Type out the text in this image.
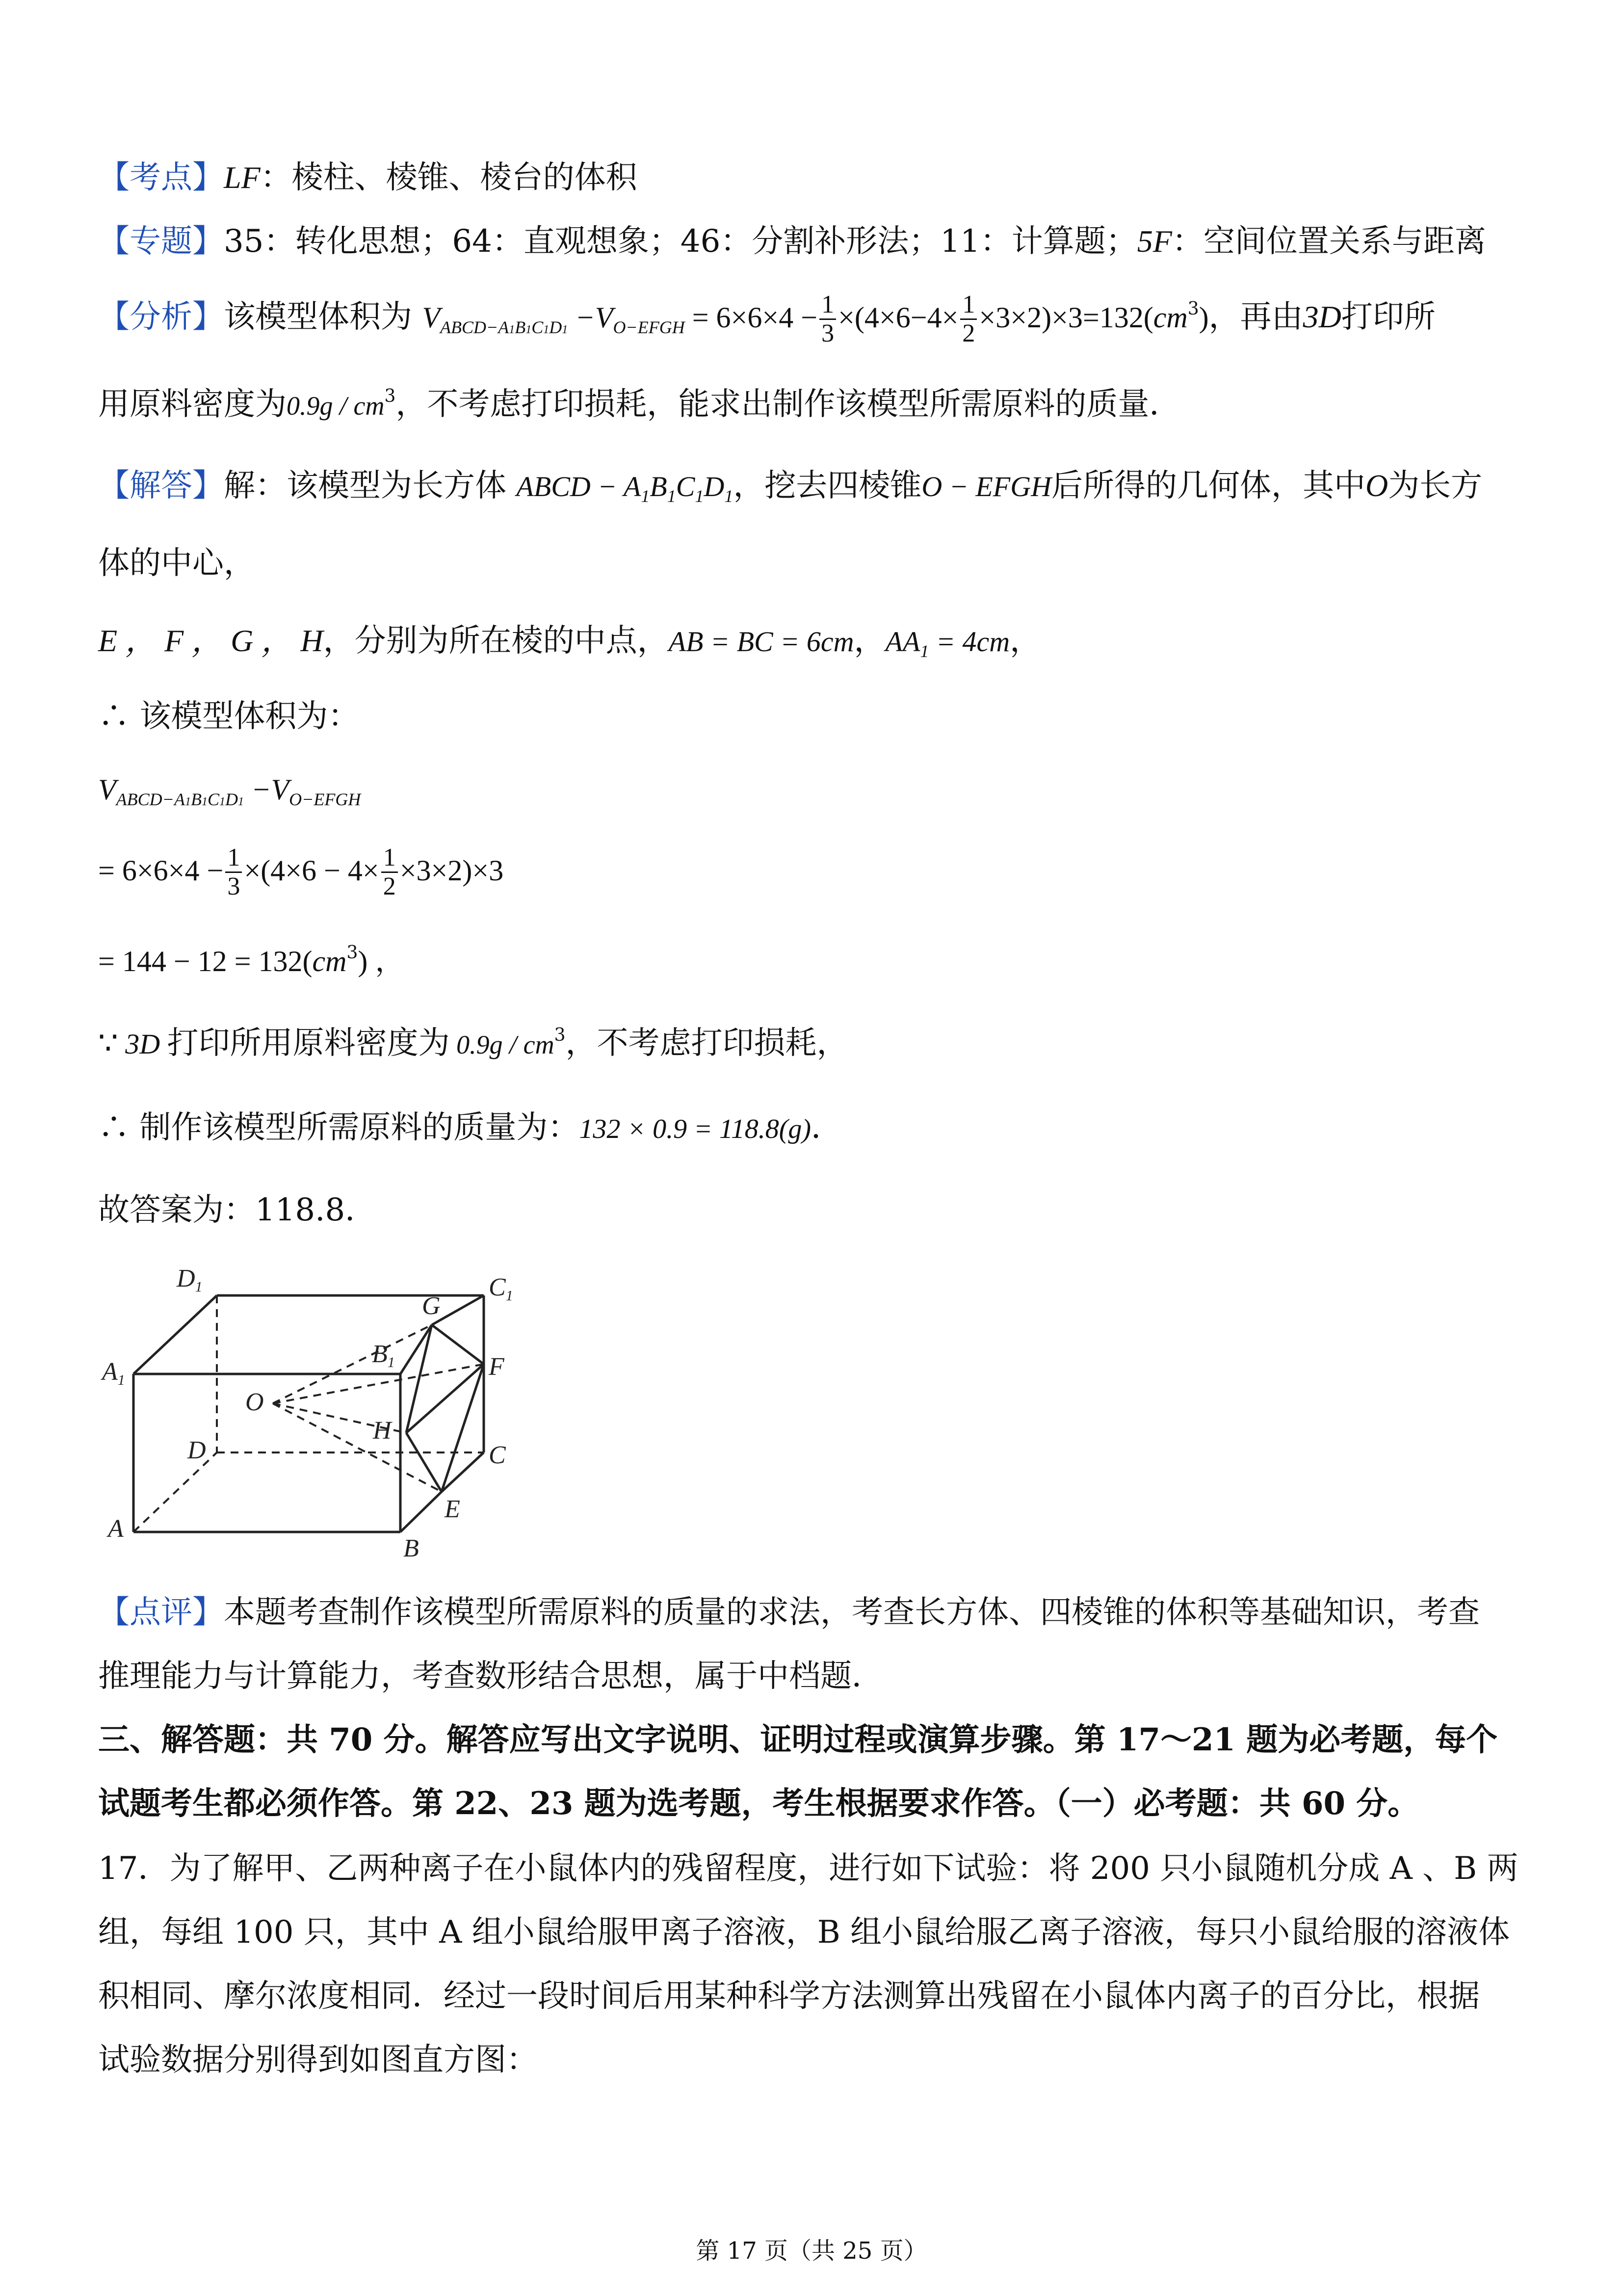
【考点】LF：棱柱、棱锥、棱台的体积
【专题】35：转化思想；64：直观想象；46：分割补形法；11：计算题；5F：空间位置关系与距离
【分析】该模型体积为 $V_{ABCD-A1B1C1D1} -V_{O-EFGH} = 6\times 6\times 4 - \frac{1}{3} \times(4\times 6-4\times \frac{1}{2} \times 3\times 2)\times 3=132(cm^3)$，再由3D打印所
用原料密度为$0.9g / cm^3$，不考虑打印损耗，能求出制作该模型所需原料的质量．
【解答】解：该模型为长方体 ABCD − $A_1B_1C_1D_1$，挖去四棱锥O − EFGH后所得的几何体，其中O为长方
体的中心，
E ， F ， G ， H，分别为所在棱的中点，AB = BC = 6cm，$AA_1 = 4cm$，
∴ 该模型体积为：
$V_{ABCD-A1B1C1D1} -V_{O-EFGH}$
= $6\times 6\times 4 - \frac{1}{3} \times(4\times 6 - 4\times \frac{1}{2} \times 3\times 2)\times 3$
= $144 - 12 = 132(cm^3)$ ，
∵ 3D 打印所用原料密度为 $0.9g / cm^3$，不考虑打印损耗，
∴ 制作该模型所需原料的质量为：132 × 0.9 = 118.8(g)．
故答案为：118.8．
D1	C1
A1
B1
G
F
O
H
D	C
E
A
B
【点评】本题考查制作该模型所需原料的质量的求法，考查长方体、四棱锥的体积等基础知识，考查
推理能力与计算能力，考查数形结合思想，属于中档题．
三、解答题：共 70 分。解答应写出文字说明、证明过程或演算步骤。第 17～21 题为必考题，每个
试题考生都必须作答。第 22、23 题为选考题，考生根据要求作答。（一）必考题：共 60 分。
17．为了解甲、乙两种离子在小鼠体内的残留程度，进行如下试验：将 200 只小鼠随机分成 A 、B 两
组，每组 100 只，其中 A 组小鼠给服甲离子溶液，B 组小鼠给服乙离子溶液，每只小鼠给服的溶液体
积相同、摩尔浓度相同．经过一段时间后用某种科学方法测算出残留在小鼠体内离子的百分比，根据
试验数据分别得到如图直方图：
第 17 页（共 25 页）
